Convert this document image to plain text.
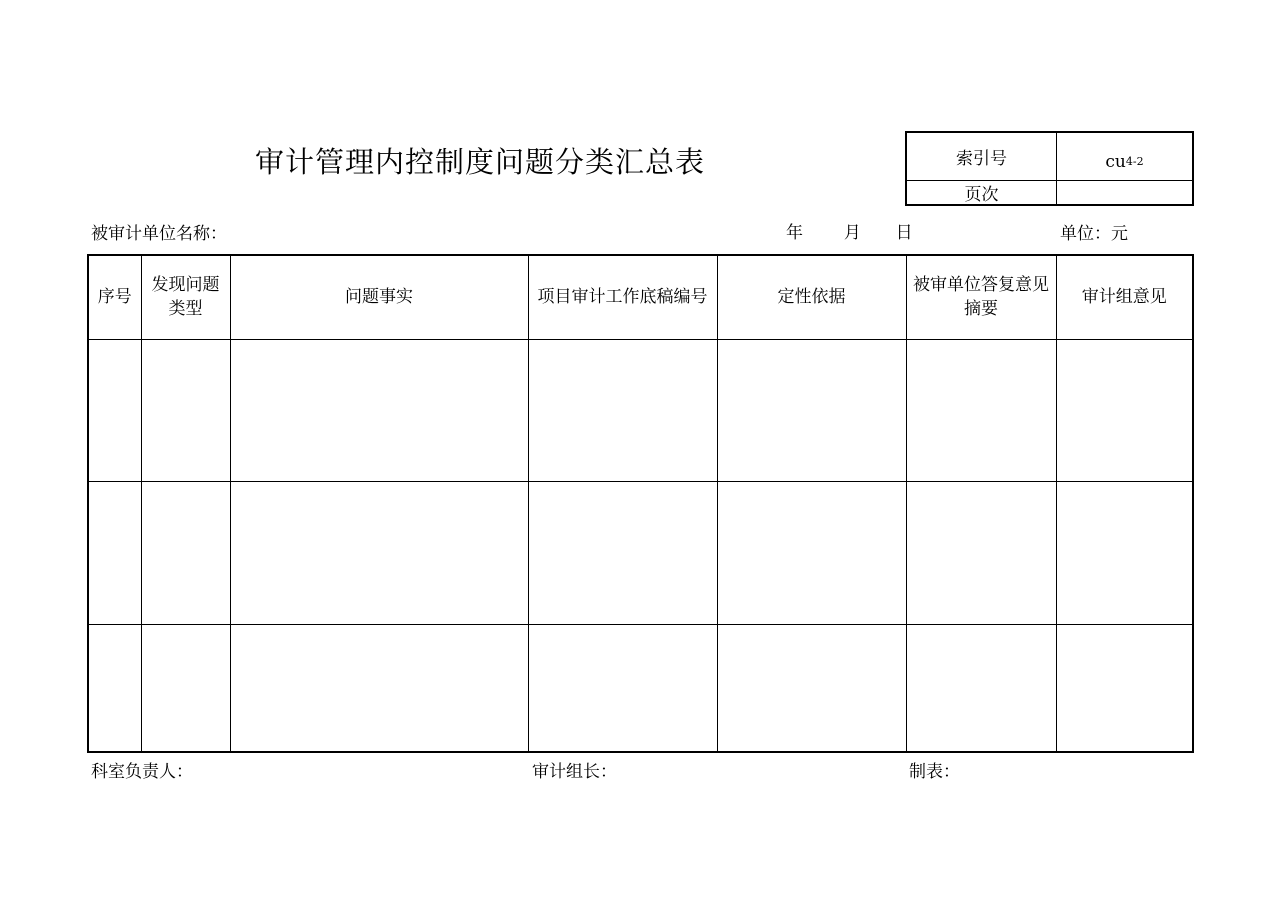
审计管理内控制度问题分类汇总表	索引号	cu 4-2
页次
被审计单位名称：	年 月 日	单位：元
序号	发现问题类型	问题事实	项目审计工作底稿编号	定性依据	被审单位答复意见摘要	审计组意见

科室负责人：	审计组长：	制表：
